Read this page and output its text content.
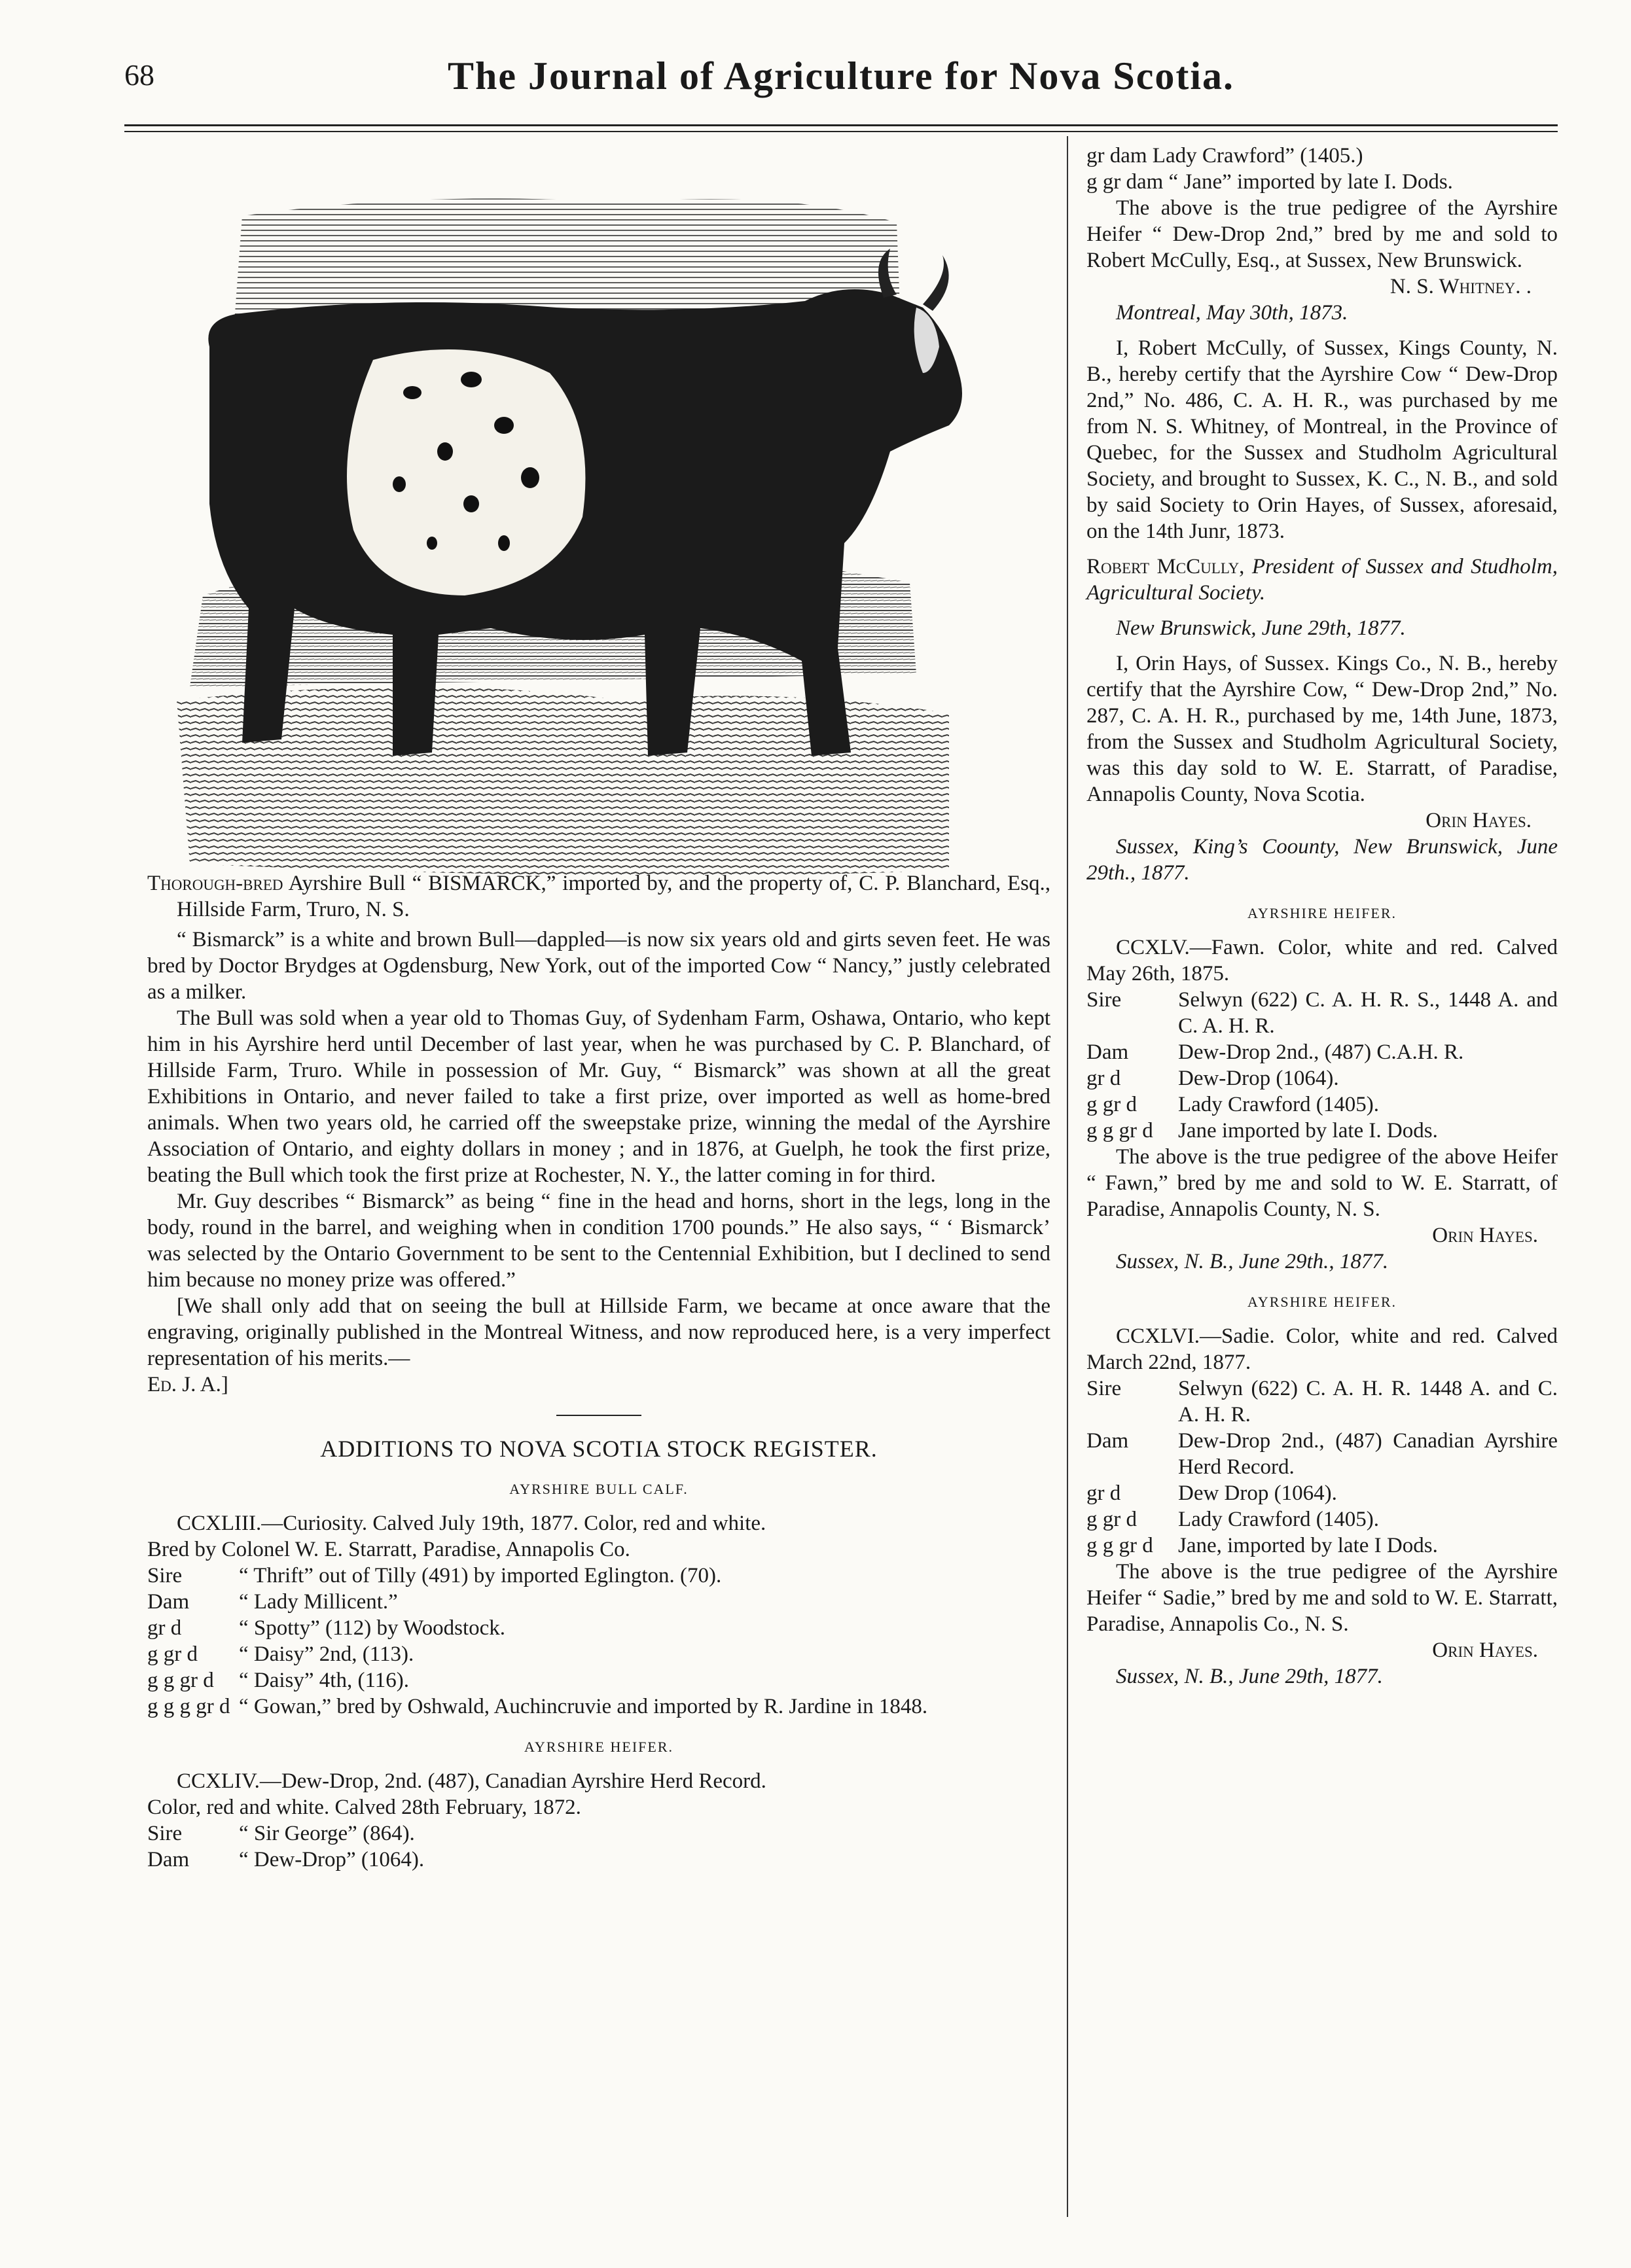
68	The Journal of Agriculture for Nova Scotia.

Thorough-bred Ayrshire Bull “ BISMARCK,” imported by, and the property of, C. P. Blanchard, Esq., Hillside Farm, Truro, N. S.

“ Bismarck” is a white and brown Bull—dappled—is now six years old and girts seven feet. He was bred by Doctor Brydges at Ogdensburg, New York, out of the imported Cow “ Nancy,” justly celebrated as a milker.

The Bull was sold when a year old to Thomas Guy, of Sydenham Farm, Oshawa, Ontario, who kept him in his Ayrshire herd until December of last year, when he was purchased by C. P. Blanchard, of Hillside Farm, Truro. While in possession of Mr. Guy, “ Bismarck” was shown at all the great Exhibitions in Ontario, and never failed to take a first prize, over imported as well as home-bred animals. When two years old, he carried off the sweepstake prize, winning the medal of the Ayrshire Association of Ontario, and eighty dollars in money ; and in 1876, at Guelph, he took the first prize, beating the Bull which took the first prize at Rochester, N. Y., the latter coming in for third.

Mr. Guy describes “ Bismarck” as being “ fine in the head and horns, short in the legs, long in the body, round in the barrel, and weighing when in condition 1700 pounds.” He also says, “ ‘ Bismarck’ was selected by the Ontario Government to be sent to the Centennial Exhibition, but I declined to send him because no money prize was offered.”

[We shall only add that on seeing the bull at Hillside Farm, we became at once aware that the engraving, originally published in the Montreal Witness, and now reproduced here, is a very imperfect representation of his merits.—

Ed. J. A.]

ADDITIONS TO NOVA SCOTIA STOCK REGISTER.

AYRSHIRE BULL CALF.

CCXLIII.—Curiosity. Calved July 19th, 1877. Color, red and white.

Bred by Colonel W. E. Starratt, Paradise, Annapolis Co.

Sire	“ Thrift” out of Tilly (491) by imported Eglington. (70).
Dam	“ Lady Millicent.”
gr d	“ Spotty” (112) by Woodstock.
g gr d	“ Daisy” 2nd, (113).
g g gr d	“ Daisy” 4th, (116).
g g g gr d “ Gowan,” bred by Oshwald, Auchincruvie and imported by R. Jardine in 1848.

AYRSHIRE HEIFER.

CCXLIV.—Dew-Drop, 2nd. (487), Canadian Ayrshire Herd Record.

Color, red and white. Calved 28th February, 1872.

Sire	“ Sir George” (864).
Dam	“ Dew-Drop” (1064).

gr dam Lady Crawford” (1405.)

g gr dam “ Jane” imported by late I. Dods.

The above is the true pedigree of the Ayrshire Heifer “ Dew-Drop 2nd,” bred by me and sold to Robert McCully, Esq., at Sussex, New Brunswick.

N. S. Whitney. .

Montreal, May 30th, 1873.

I, Robert McCully, of Sussex, Kings County, N. B., hereby certify that the Ayrshire Cow “ Dew-Drop 2nd,” No. 486, C. A. H. R., was purchased by me from N. S. Whitney, of Montreal, in the Province of Quebec, for the Sussex and Studholm Agricultural Society, and brought to Sussex, K. C., N. B., and sold by said Society to Orin Hayes, of Sussex, aforesaid, on the 14th Junr, 1873.

Robert McCully, President of Sussex and Studholm, Agricultural Society.

New Brunswick, June 29th, 1877.

I, Orin Hays, of Sussex. Kings Co., N. B., hereby certify that the Ayrshire Cow, “ Dew-Drop 2nd,” No. 287, C. A. H. R., purchased by me, 14th June, 1873, from the Sussex and Studholm Agricultural Society, was this day sold to W. E. Starratt, of Paradise, Annapolis County, Nova Scotia.

Orin Hayes.

Sussex, King’s Coounty, New Brunswick, June 29th., 1877.

AYRSHIRE HEIFER.

CCXLV.—Fawn. Color, white and red. Calved May 26th, 1875.

Sire	Selwyn (622) C. A. H. R. S., 1448 A. and C. A. H. R.
Dam	Dew-Drop 2nd., (487) C.A.H. R.
gr d	Dew-Drop (1064).
g gr d	Lady Crawford (1405).
g g gr d	Jane imported by late I. Dods.

The above is the true pedigree of the above Heifer “ Fawn,” bred by me and sold to W. E. Starratt, of Paradise, Annapolis County, N. S.

Orin Hayes.

Sussex, N. B., June 29th., 1877.

AYRSHIRE HEIFER.

CCXLVI.—Sadie. Color, white and red. Calved March 22nd, 1877.

Sire	Selwyn (622) C. A. H. R. 1448 A. and C. A. H. R.
Dam	Dew-Drop 2nd., (487) Canadian Ayrshire Herd Record.
gr d	Dew Drop (1064).
g gr d	Lady Crawford (1405).
g g gr d	Jane, imported by late I Dods.

The above is the true pedigree of the Ayrshire Heifer “ Sadie,” bred by me and sold to W. E. Starratt, Paradise, Annapolis Co., N. S.

Orin Hayes.

Sussex, N. B., June 29th, 1877.
